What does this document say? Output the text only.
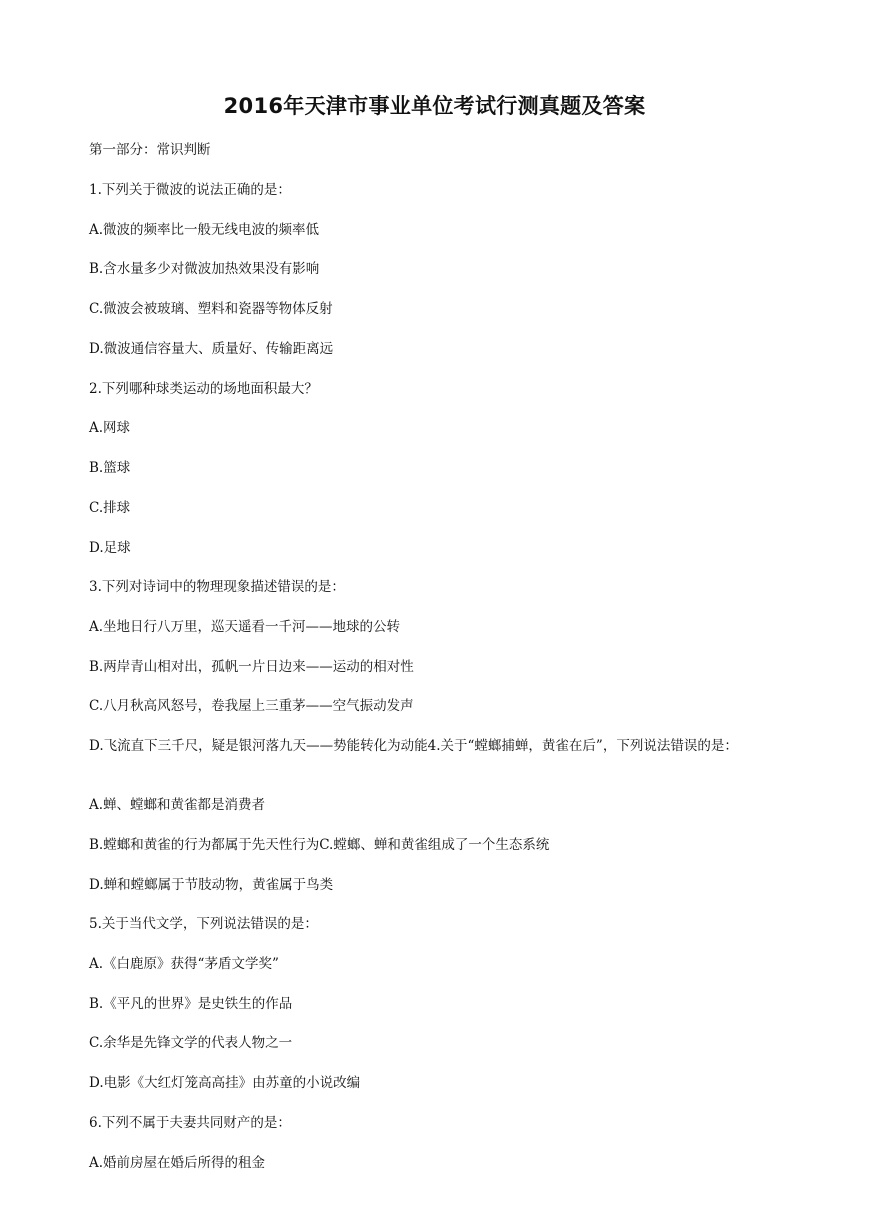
2016年天津市事业单位考试行测真题及答案
第一部分：常识判断
1.下列关于微波的说法正确的是：
A.微波的频率比一般无线电波的频率低
B.含水量多少对微波加热效果没有影响
C.微波会被玻璃、塑料和瓷器等物体反射
D.微波通信容量大、质量好、传输距离远
2.下列哪种球类运动的场地面积最大？
A.网球
B.篮球
C.排球
D.足球
3.下列对诗词中的物理现象描述错误的是：
A.坐地日行八万里，巡天遥看一千河——地球的公转
B.两岸青山相对出，孤帆一片日边来——运动的相对性
C.八月秋高风怒号，卷我屋上三重茅——空气振动发声
D.飞流直下三千尺，疑是银河落九天——势能转化为动能4.关于“螳螂捕蝉，黄雀在后”，下列说法错误的是：
A.蝉、螳螂和黄雀都是消费者
B.螳螂和黄雀的行为都属于先天性行为C.螳螂、蝉和黄雀组成了一个生态系统
D.蝉和螳螂属于节肢动物，黄雀属于鸟类
5.关于当代文学，下列说法错误的是：
A.《白鹿原》获得“茅盾文学奖”
B.《平凡的世界》是史铁生的作品
C.余华是先锋文学的代表人物之一
D.电影《大红灯笼高高挂》由苏童的小说改编
6.下列不属于夫妻共同财产的是：
A.婚前房屋在婚后所得的租金
